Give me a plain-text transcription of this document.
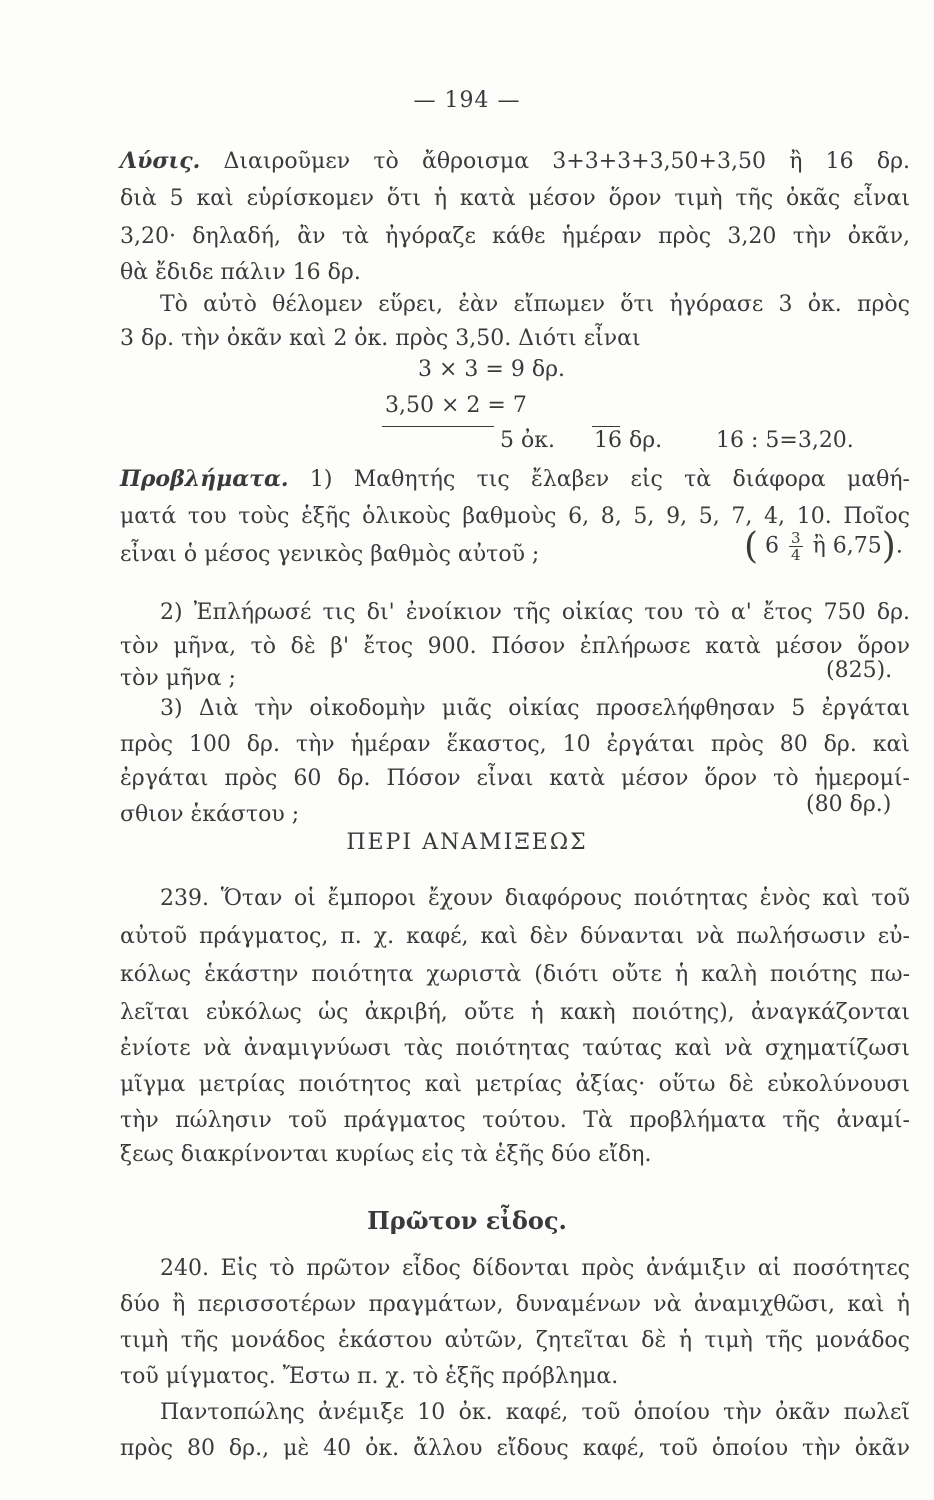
— 194 —
Λύσις. Διαιροῦμεν τὸ ἄθροισμα 3+3+3+3,50+3,50 ἢ 16 δρ.
διὰ 5 καὶ εὑρίσκομεν ὅτι ἡ κατὰ μέσον ὅρον τιμὴ τῆς ὀκᾶς εἶναι
3,20· δηλαδή, ἂν τὰ ἠγόραζε κάθε ἡμέραν πρὸς 3,20 τὴν ὀκᾶν,
θὰ ἔδιδε πάλιν 16 δρ.
Τὸ αὐτὸ θέλομεν εὕρει, ἐὰν εἴπωμεν ὅτι ἠγόρασε 3 ὀκ. πρὸς
3 δρ. τὴν ὀκᾶν καὶ 2 ὀκ. πρὸς 3,50. Διότι εἶναι
3 × 3 = 9 δρ.
3,50 × 2 = 7
5 ὀκ. 16 δρ. 16 : 5=3,20.
Προβλήματα. 1) Μαθητής τις ἔλαβεν εἰς τὰ διάφορα μαθή-
ματά του τοὺς ἑξῆς ὁλικοὺς βαθμοὺς 6, 8, 5, 9, 5, 7, 4, 10. Ποῖος
εἶναι ὁ μέσος γενικὸς βαθμὸς αὐτοῦ ;	( $6 \frac{3}{4}$ ἢ 6,75).
2) Ἐπλήρωσέ τις δι' ἐνοίκιον τῆς οἰκίας του τὸ α' ἔτος 750 δρ.
τὸν μῆνα, τὸ δὲ β' ἔτος 900. Πόσον ἐπλήρωσε κατὰ μέσον ὅρον
τὸν μῆνα ;	(825).
3) Διὰ τὴν οἰκοδομὴν μιᾶς οἰκίας προσελήφθησαν 5 ἐργάται
πρὸς 100 δρ. τὴν ἡμέραν ἕκαστος, 10 ἐργάται πρὸς 80 δρ. καὶ
ἐργάται πρὸς 60 δρ. Πόσον εἶναι κατὰ μέσον ὅρον τὸ ἡμερομί-
σθιον ἑκάστου ;	(80 δρ.)
ΠΕΡΙ ΑΝΑΜΙΞΕΩΣ
239. Ὅταν οἱ ἔμποροι ἔχουν διαφόρους ποιότητας ἑνὸς καὶ τοῦ
αὐτοῦ πράγματος, π. χ. καφέ, καὶ δὲν δύνανται νὰ πωλήσωσιν εὐ-
κόλως ἑκάστην ποιότητα χωριστὰ (διότι οὔτε ἡ καλὴ ποιότης πω-
λεῖται εὐκόλως ὡς ἀκριβή, οὔτε ἡ κακὴ ποιότης), ἀναγκάζονται
ἐνίοτε νὰ ἀναμιγνύωσι τὰς ποιότητας ταύτας καὶ νὰ σχηματίζωσι
μῖγμα μετρίας ποιότητος καὶ μετρίας ἀξίας· οὕτω δὲ εὐκολύνουσι
τὴν πώλησιν τοῦ πράγματος τούτου. Τὰ προβλήματα τῆς ἀναμί-
ξεως διακρίνονται κυρίως εἰς τὰ ἑξῆς δύο εἴδη.
Πρῶτον εἶδος.
240. Εἰς τὸ πρῶτον εἶδος δίδονται πρὸς ἀνάμιξιν αἱ ποσότητες
δύο ἢ περισσοτέρων πραγμάτων, δυναμένων νὰ ἀναμιχθῶσι, καὶ ἡ
τιμὴ τῆς μονάδος ἑκάστου αὐτῶν, ζητεῖται δὲ ἡ τιμὴ τῆς μονάδος
τοῦ μίγματος. Ἔστω π. χ. τὸ ἑξῆς πρόβλημα.
Παντοπώλης ἀνέμιξε 10 ὀκ. καφέ, τοῦ ὁποίου τὴν ὀκᾶν πωλεῖ
πρὸς 80 δρ., μὲ 40 ὀκ. ἄλλου εἴδους καφέ, τοῦ ὁποίου τὴν ὀκᾶν
